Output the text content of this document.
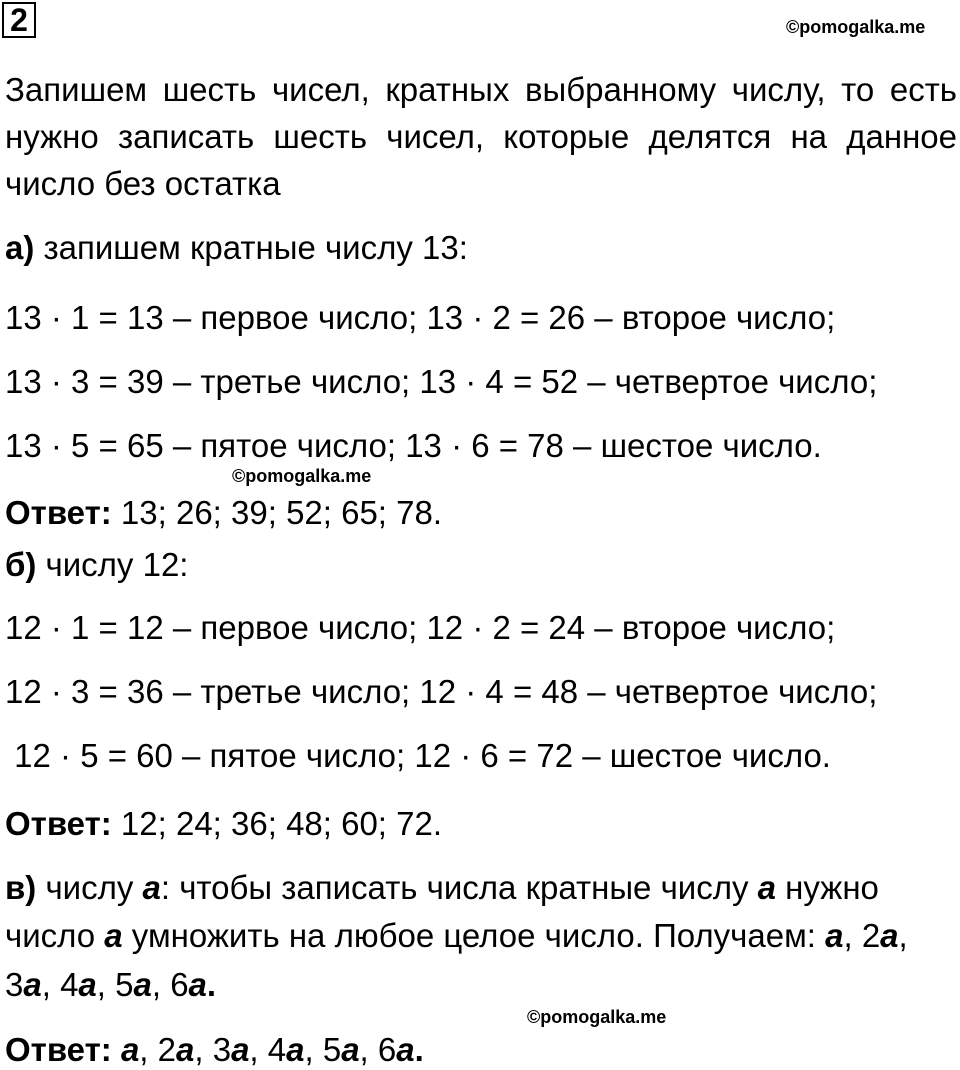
2	©pomogalka.me
Запишем шесть чисел, кратных выбранному числу, то есть
нужно записать шесть чисел, которые делятся на данное
число без остатка
а) запишем кратные числу 13:
13 · 1 = 13 – первое число; 13 · 2 = 26 – второе число;
13 · 3 = 39 – третье число; 13 · 4 = 52 – четвертое число;
13 · 5 = 65 – пятое число; 13 · 6 = 78 – шестое число.
©pomogalka.me
Ответ: 13; 26; 39; 52; 65; 78.
б) числу 12:
12 · 1 = 12 – первое число; 12 · 2 = 24 – второе число;
12 · 3 = 36 – третье число; 12 · 4 = 48 – четвертое число;
12 · 5 = 60 – пятое число; 12 · 6 = 72 – шестое число.
Ответ: 12; 24; 36; 48; 60; 72.
в) числу a: чтобы записать числа кратные числу a нужно
число a умножить на любое целое число. Получаем: a, 2a,
3a, 4a, 5a, 6a.
©pomogalka.me
Ответ: a, 2a, 3a, 4a, 5a, 6a.
